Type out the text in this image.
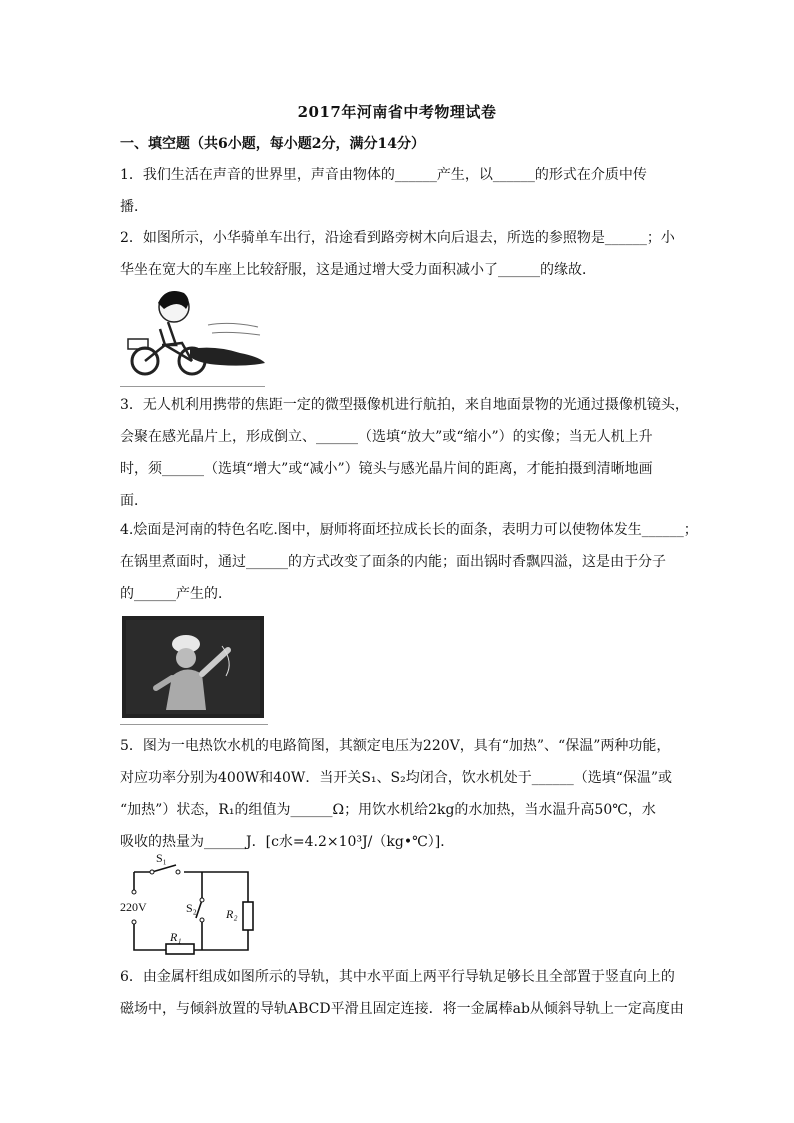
2017年河南省中考物理试卷
一、填空题（共6小题，每小题2分，满分14分）
1．我们生活在声音的世界里，声音由物体的______产生，以______的形式在介质中传
播．
2．如图所示，小华骑单车出行，沿途看到路旁树木向后退去，所选的参照物是______；小
华坐在宽大的车座上比较舒服，这是通过增大受力面积减小了______的缘故．
3．无人机利用携带的焦距一定的微型摄像机进行航拍，来自地面景物的光通过摄像机镜头，
会聚在感光晶片上，形成倒立、______（选填“放大”或“缩小”）的实像；当无人机上升
时，须______（选填“增大”或“减小”）镜头与感光晶片间的距离，才能拍摄到清晰地画
面．
4.烩面是河南的特色名吃.图中，厨师将面坯拉成长长的面条，表明力可以使物体发生______；
在锅里煮面时，通过______的方式改变了面条的内能；面出锅时香飘四溢，这是由于分子
的______产生的．
5．图为一电热饮水机的电路简图，其额定电压为220V，具有“加热”、“保温”两种功能，
对应功率分别为400W和40W．当开关S₁、S₂均闭合，饮水机处于______（选填“保温”或
“加热”）状态，R₁的组值为______Ω；用饮水机给2kg的水加热，当水温升高50℃，水
吸收的热量为______J．[c水=4.2×10³J/（kg•℃）]．
S₁
S₂ R₂
R₁
220V
6．由金属杆组成如图所示的导轨，其中水平面上两平行导轨足够长且全部置于竖直向上的
磁场中，与倾斜放置的导轨ABCD平滑且固定连接．将一金属棒ab从倾斜导轨上一定高度由
